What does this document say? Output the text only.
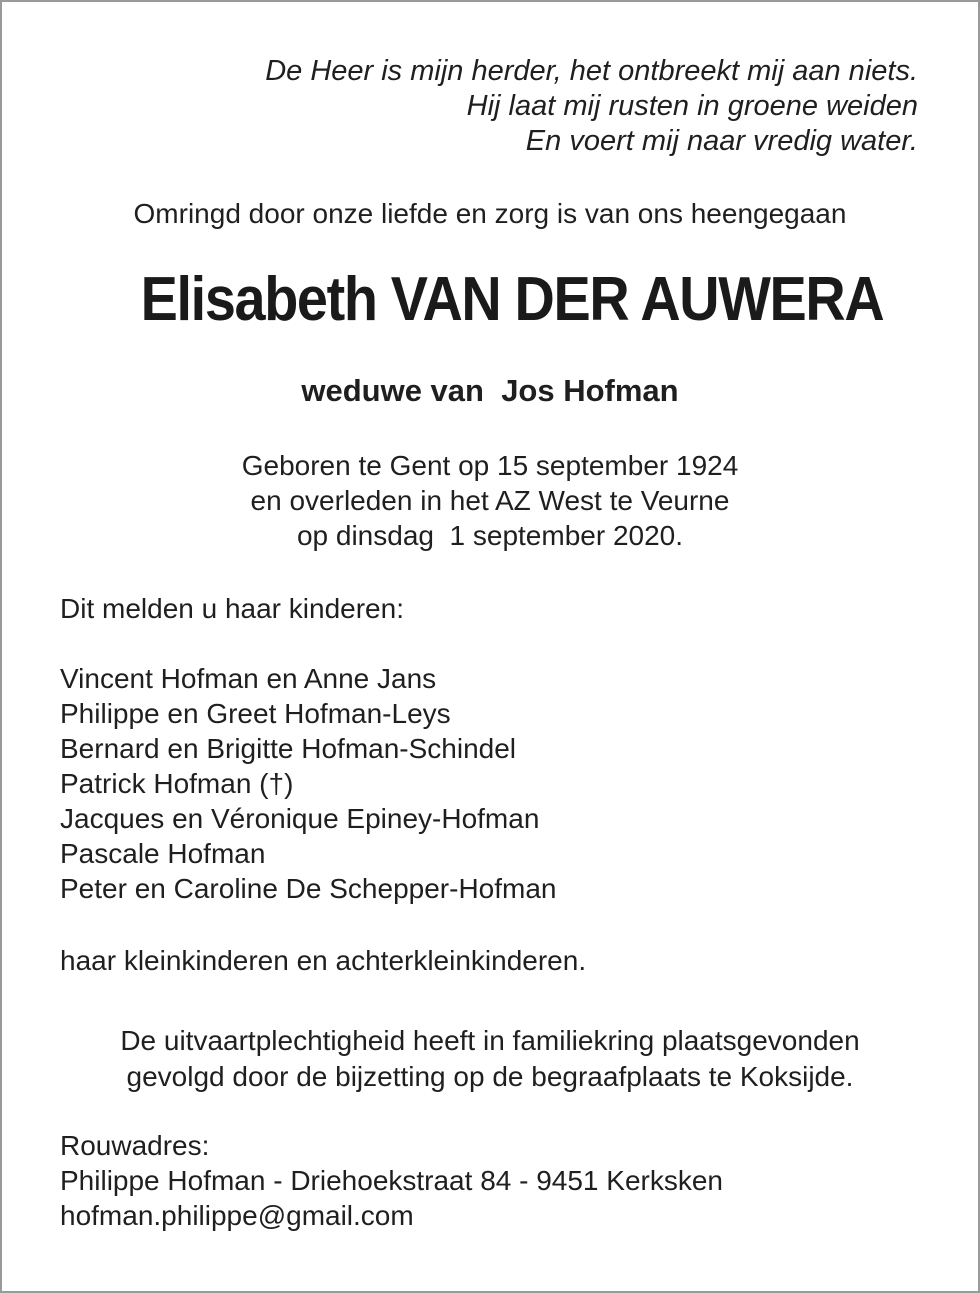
De Heer is mijn herder, het ontbreekt mij aan niets.
Hij laat mij rusten in groene weiden
En voert mij naar vredig water.
Omringd door onze liefde en zorg is van ons heengegaan
Elisabeth VAN DER AUWERA
weduwe van  Jos Hofman
Geboren te Gent op 15 september 1924
en overleden in het AZ West te Veurne
op dinsdag  1 september 2020.
Dit melden u haar kinderen:
Vincent Hofman en Anne Jans
Philippe en Greet Hofman-Leys
Bernard en Brigitte Hofman-Schindel
Patrick Hofman (†)
Jacques en Véronique Epiney-Hofman
Pascale Hofman
Peter en Caroline De Schepper-Hofman
haar kleinkinderen en achterkleinkinderen.
De uitvaartplechtigheid heeft in familiekring plaatsgevonden
gevolgd door de bijzetting op de begraafplaats te Koksijde.
Rouwadres:
Philippe Hofman - Driehoekstraat 84 - 9451 Kerksken
hofman.philippe@gmail.com
